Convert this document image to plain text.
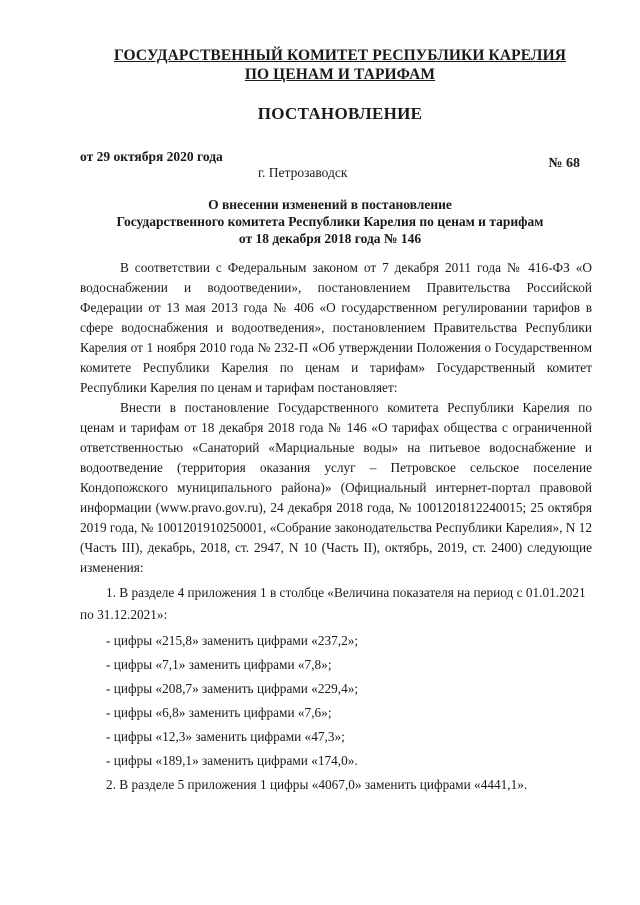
ГОСУДАРСТВЕННЫЙ КОМИТЕТ РЕСПУБЛИКИ КАРЕЛИЯ
ПО ЦЕНАМ И ТАРИФАМ
ПОСТАНОВЛЕНИЕ
от 29 октября 2020 года	№ 68
г. Петрозаводск
О внесении изменений в постановление
Государственного комитета Республики Карелия по ценам и тарифам
от 18 декабря 2018 года № 146

В соответствии с Федеральным законом от 7 декабря 2011 года № 416-ФЗ «О водоснабжении и водоотведении», постановлением Правительства Российской Федерации от 13 мая 2013 года № 406 «О государственном регулировании тарифов в сфере водоснабжения и водоотведения», постановлением Правительства Республики Карелия от 1 ноября 2010 года № 232-П «Об утверждении Положения о Государственном комитете Республики Карелия по ценам и тарифам» Государственный комитет Республики Карелия по ценам и тарифам постановляет:

Внести в постановление Государственного комитета Республики Карелия по ценам и тарифам от 18 декабря 2018 года № 146 «О тарифах общества с ограниченной ответственностью «Санаторий «Марциальные воды» на питьевое водоснабжение и водоотведение (территория оказания услуг – Петровское сельское поселение Кондопожского муниципального района)» (Официальный интернет-портал правовой информации (www.pravo.gov.ru), 24 декабря 2018 года, № 1001201812240015; 25 октября 2019 года, № 1001201910250001, «Собрание законодательства Республики Карелия», N 12 (Часть III), декабрь, 2018, ст. 2947, N 10 (Часть II), октябрь, 2019, ст. 2400) следующие изменения:

1. В разделе 4 приложения 1 в столбце «Величина показателя на период с 01.01.2021

по 31.12.2021»:

- цифры «215,8» заменить цифрами «237,2»;

- цифры «7,1» заменить цифрами «7,8»;

- цифры «208,7» заменить цифрами «229,4»;

- цифры «6,8» заменить цифрами «7,6»;

- цифры «12,3» заменить цифрами «47,3»;

- цифры «189,1» заменить цифрами «174,0».

2. В разделе 5 приложения 1 цифры «4067,0» заменить цифрами «4441,1».
